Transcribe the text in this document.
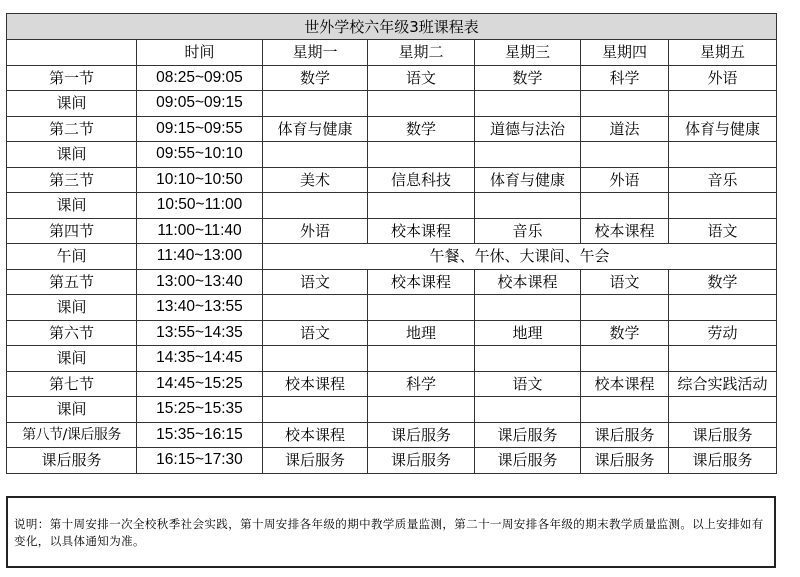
世外学校六年级3班课程表						
	时间	星期一	星期二	星期三	星期四	星期五
第一节	08:25~09:05	数学	语文	数学	科学	外语
课间	09:05~09:15					
第二节	09:15~09:55	体育与健康	数学	道德与法治	道法	体育与健康
课间	09:55~10:10					
第三节	10:10~10:50	美术	信息科技	体育与健康	外语	音乐
课间	10:50~11:00					
第四节	11:00~11:40	外语	校本课程	音乐	校本课程	语文
午间	11:40~13:00	午餐、午休、大课间、午会				
第五节	13:00~13:40	语文	校本课程	校本课程	语文	数学
课间	13:40~13:55					
第六节	13:55~14:35	语文	地理	地理	数学	劳动
课间	14:35~14:45					
第七节	14:45~15:25	校本课程	科学	语文	校本课程	综合实践活动
课间	15:25~15:35					
第八节/课后服务	15:35~16:15	校本课程	课后服务	课后服务	课后服务	课后服务
课后服务	16:15~17:30	课后服务	课后服务	课后服务	课后服务	课后服务
说明：第十周安排一次全校秋季社会实践，第十周安排各年级的期中教学质量监测，第二十一周安排各年级的期末教学质量监测。以上安排如有变化，以具体通知为准。
